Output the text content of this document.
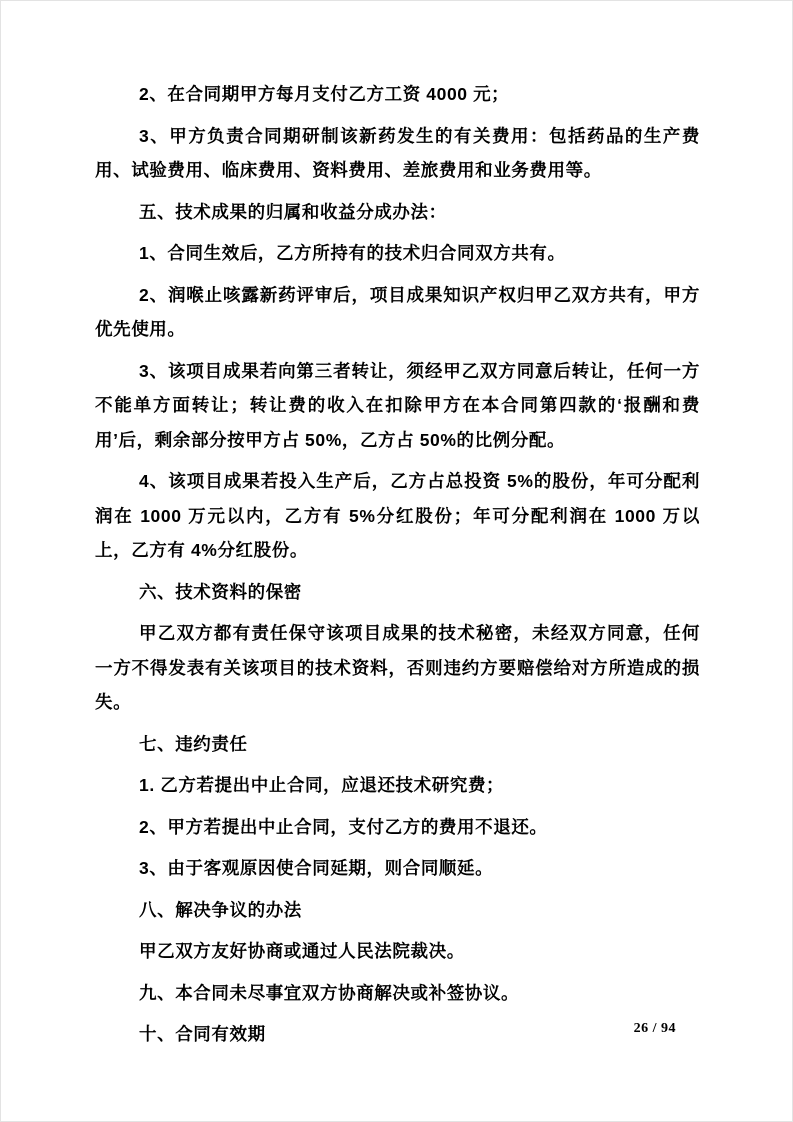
2、在合同期甲方每月支付乙方工资 4000 元；

3、甲方负责合同期研制该新药发生的有关费用：包括药品的生产费用、试验费用、临床费用、资料费用、差旅费用和业务费用等。

五、技术成果的归属和收益分成办法：

1、合同生效后，乙方所持有的技术归合同双方共有。

2、润喉止咳露新药评审后，项目成果知识产权归甲乙双方共有，甲方优先使用。

3、该项目成果若向第三者转让，须经甲乙双方同意后转让，任何一方不能单方面转让；转让费的收入在扣除甲方在本合同第四款的‘报酬和费用’后，剩余部分按甲方占 50%，乙方占 50%的比例分配。

4、该项目成果若投入生产后，乙方占总投资 5%的股份，年可分配利润在 1000 万元以内，乙方有 5%分红股份；年可分配利润在 1000 万以上，乙方有 4%分红股份。

六、技术资料的保密

甲乙双方都有责任保守该项目成果的技术秘密，未经双方同意，任何一方不得发表有关该项目的技术资料，否则违约方要赔偿给对方所造成的损失。

七、违约责任

1. 乙方若提出中止合同，应退还技术研究费；

2、甲方若提出中止合同，支付乙方的费用不退还。

3、由于客观原因使合同延期，则合同顺延。

八、解决争议的办法

甲乙双方友好协商或通过人民法院裁决。

九、本合同未尽事宜双方协商解决或补签协议。

十、合同有效期	26 / 94
